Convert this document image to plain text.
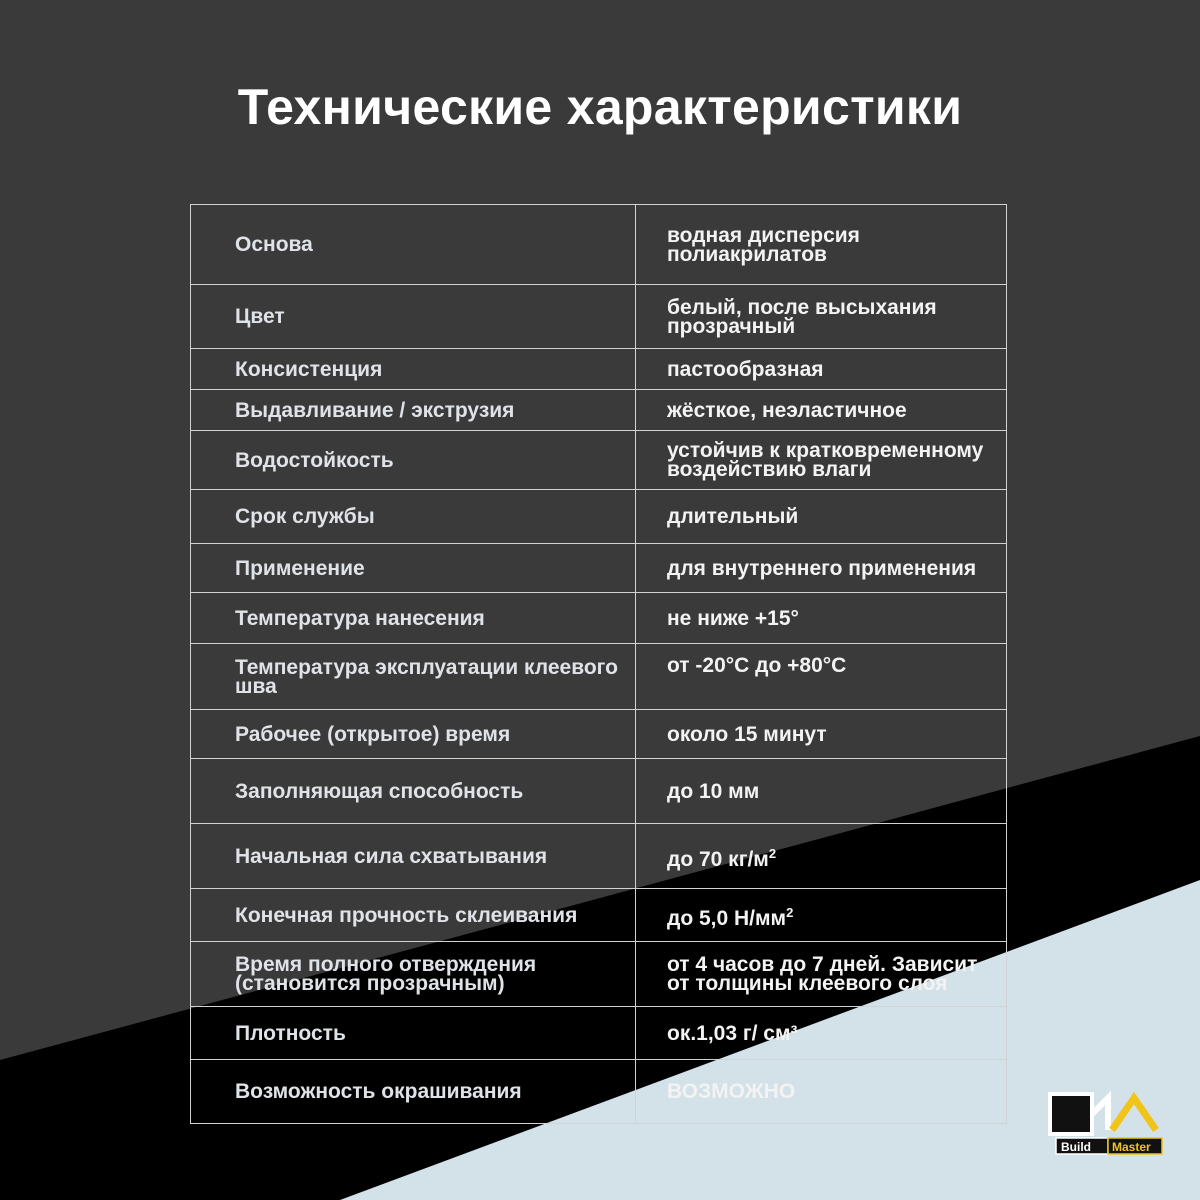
Технические характеристики
Основа	водная дисперсия полиакрилатов
Цвет	белый, после высыхания прозрачный
Консистенция	пастообразная
Выдавливание / экструзия	жёсткое, неэластичное
Водостойкость	устойчив к кратковременному воздействию влаги
Срок службы	длительный
Применение	для внутреннего применения
Температура нанесения	не ниже +15°
Температура эксплуатации клеевого шва	от -20°С до +80°С
Рабочее (открытое) время	около 15 минут
Заполняющая способность	до 10 мм
Начальная сила схватывания	до 70 $кг/м^2$
Конечная прочность склеивания	до 5,0 $Н/мм^2$
Время полного отверждения (становится прозрачным)	от 4 часов до 7 дней. Зависит от толщины клеевого слоя
Плотность	ок.1,03 г/ см³
Возможность окрашивания	ВОЗМОЖНО
Build Master
